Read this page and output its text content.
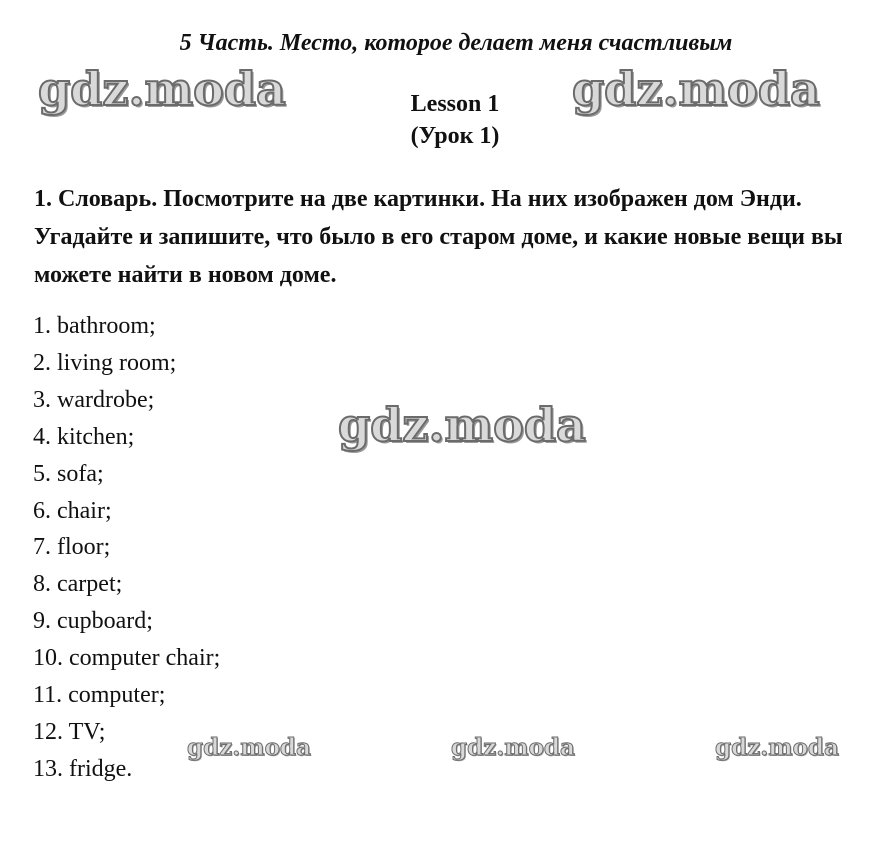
5 Часть. Место, которое делает меня счастливым
Lesson 1
(Урок 1)
1. Словарь. Посмотрите на две картинки. На них изображен дом Энди. Угадайте и запишите, что было в его старом доме, и какие новые вещи вы можете найти в новом доме.
1. bathroom;
2. living room;
3. wardrobe;
4. kitchen;
5. sofa;
6. chair;
7. floor;
8. carpet;
9. cupboard;
10. computer chair;
11. computer;
12. TV;
13. fridge.
gdz.moda	gdz.moda
gdz.moda
gdz.moda	gdz.moda	gdz.moda
